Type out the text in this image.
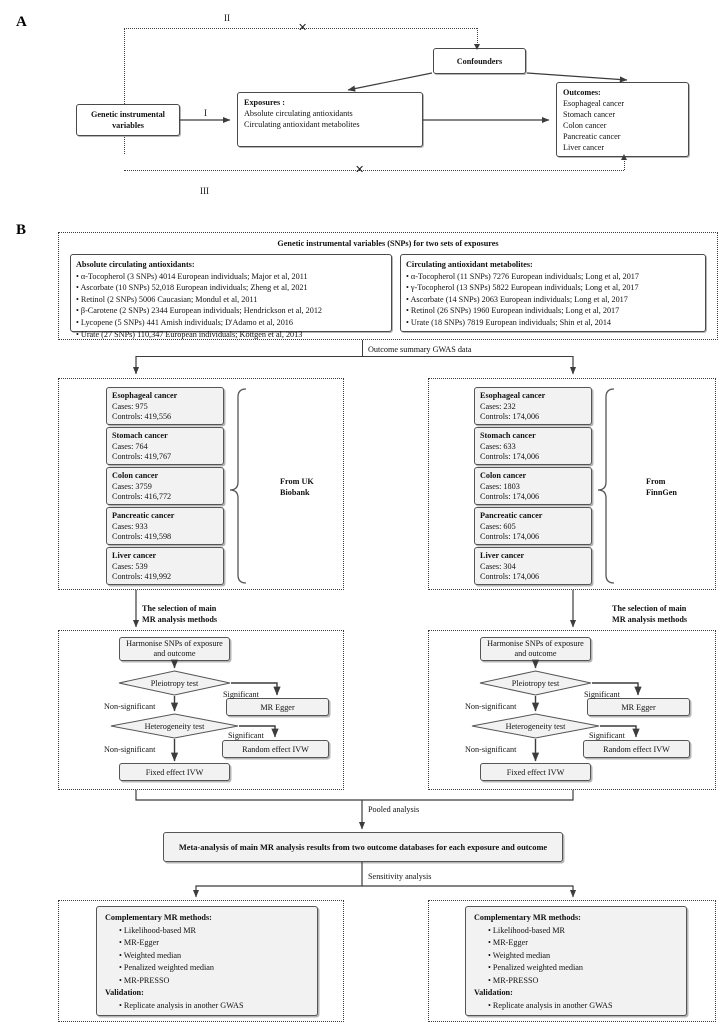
A
I
II
III
✕
✕
Genetic instrumental variables
Confounders
Exposures :
Absolute circulating antioxidants
Circulating antioxidant metabolites
Outcomes:
Esophageal cancer
Stomach cancer
Colon cancer
Pancreatic cancer
Liver cancer
B
Genetic instrumental variables (SNPs) for two sets of exposures
Absolute circulating antioxidants:
• α-Tocopherol (3 SNPs) 4014 European individuals; Major et al, 2011
• Ascorbate (10 SNPs) 52,018 European individuals; Zheng et al, 2021
• Retinol (2 SNPs) 5006 Caucasian; Mondul et al, 2011
• β-Carotene (2 SNPs) 2344 European individuals; Hendrickson et al, 2012
• Lycopene (5 SNPs) 441 Amish individuals; D'Adamo et al, 2016
• Urate (27 SNPs) 110,347 European individuals; Köttgen et al, 2013
Circulating antioxidant metabolites:
• α-Tocopherol (11 SNPs) 7276 European individuals; Long et al, 2017
• γ-Tocopherol (13 SNPs) 5822 European individuals; Long et al, 2017
• Ascorbate (14 SNPs) 2063 European individuals; Long et al, 2017
• Retinol (26 SNPs) 1960 European individuals; Long et al, 2017
• Urate (18 SNPs) 7819 European individuals; Shin et al, 2014
Outcome summary GWAS data
Esophageal cancer
Cases: 975
Controls: 419,556
Stomach cancer
Cases: 764
Controls: 419,767
Colon cancer
Cases: 3759
Controls: 416,772
Pancreatic cancer
Cases: 933
Controls: 419,598
Liver cancer
Cases: 539
Controls: 419,992
From UK
Biobank
Esophageal cancer
Cases: 232
Controls: 174,006
Stomach cancer
Cases: 633
Controls: 174,006
Colon cancer
Cases: 1803
Controls: 174,006
Pancreatic cancer
Cases: 605
Controls: 174,006
Liver cancer
Cases: 304
Controls: 174,006
From
FinnGen
The selection of main
MR analysis methods
The selection of main
MR analysis methods
Harmonise SNPs of exposure
and outcome
Pleiotropy test
Heterogeneity test
MR Egger
Random effect IVW
Fixed effect IVW
Significant
Significant
Non-significant
Non-significant
Harmonise SNPs of exposure
and outcome
Pleiotropy test
Heterogeneity test
MR Egger
Random effect IVW
Fixed effect IVW
Significant
Significant
Non-significant
Non-significant
Pooled analysis
Meta-analysis of main MR analysis results from two outcome databases for each exposure and outcome
Sensitivity analysis
Complementary MR methods:
• Likelihood-based MR
• MR-Egger
• Weighted median
• Penalized weighted median
• MR-PRESSO
Validation:
• Replicate analysis in another GWAS
Complementary MR methods:
• Likelihood-based MR
• MR-Egger
• Weighted median
• Penalized weighted median
• MR-PRESSO
Validation:
• Replicate analysis in another GWAS
